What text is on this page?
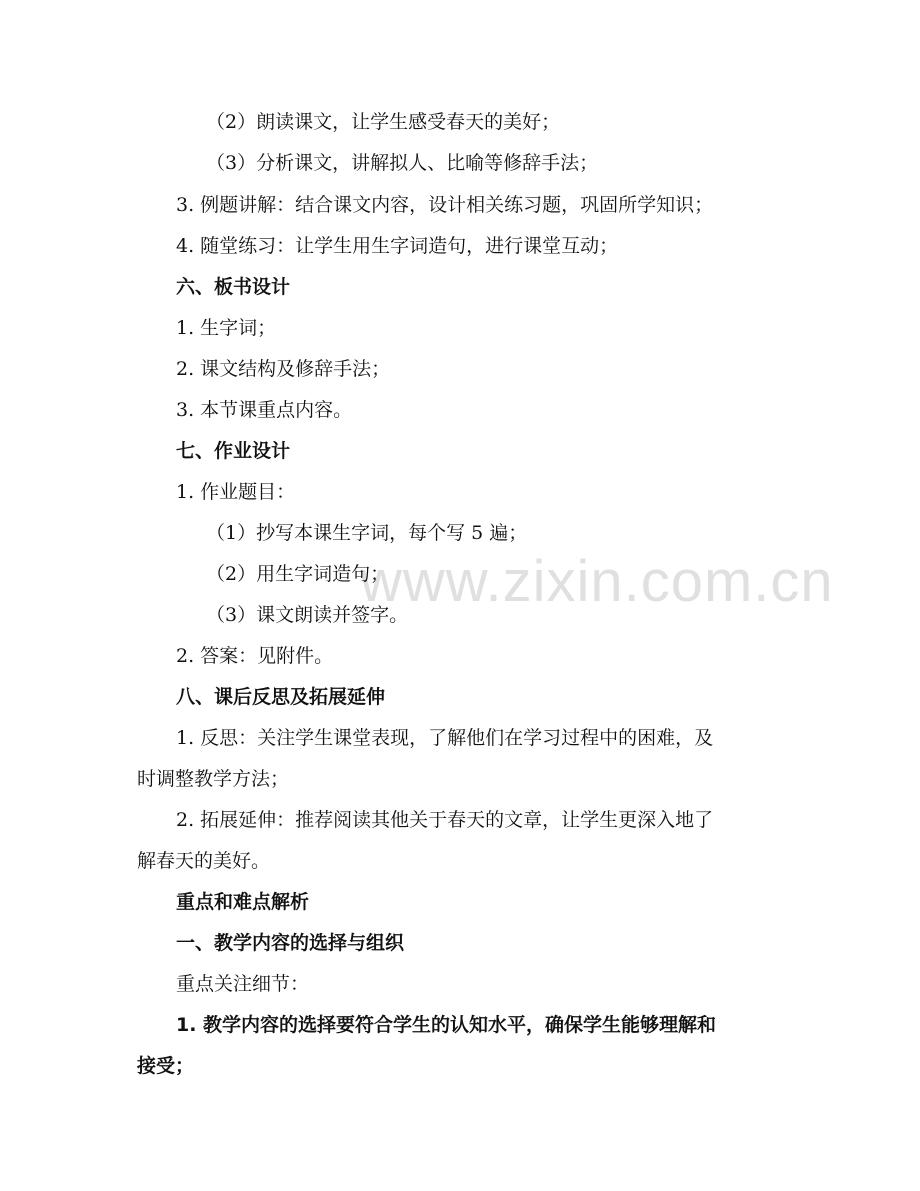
www.zixin.com.cn
（2）朗读课文，让学生感受春天的美好；
（3）分析课文，讲解拟人、比喻等修辞手法；
3. 例题讲解：结合课文内容，设计相关练习题，巩固所学知识；
4. 随堂练习：让学生用生字词造句，进行课堂互动；
六、板书设计
1. 生字词；
2. 课文结构及修辞手法；
3. 本节课重点内容。
七、作业设计
1. 作业题目：
（1）抄写本课生字词，每个写 5 遍；
（2）用生字词造句；
（3）课文朗读并签字。
2. 答案：见附件。
八、课后反思及拓展延伸
1. 反思：关注学生课堂表现，了解他们在学习过程中的困难，及
时调整教学方法；
2. 拓展延伸：推荐阅读其他关于春天的文章，让学生更深入地了
解春天的美好。
重点和难点解析
一、教学内容的选择与组织
重点关注细节：
1. 教学内容的选择要符合学生的认知水平，确保学生能够理解和
接受；
